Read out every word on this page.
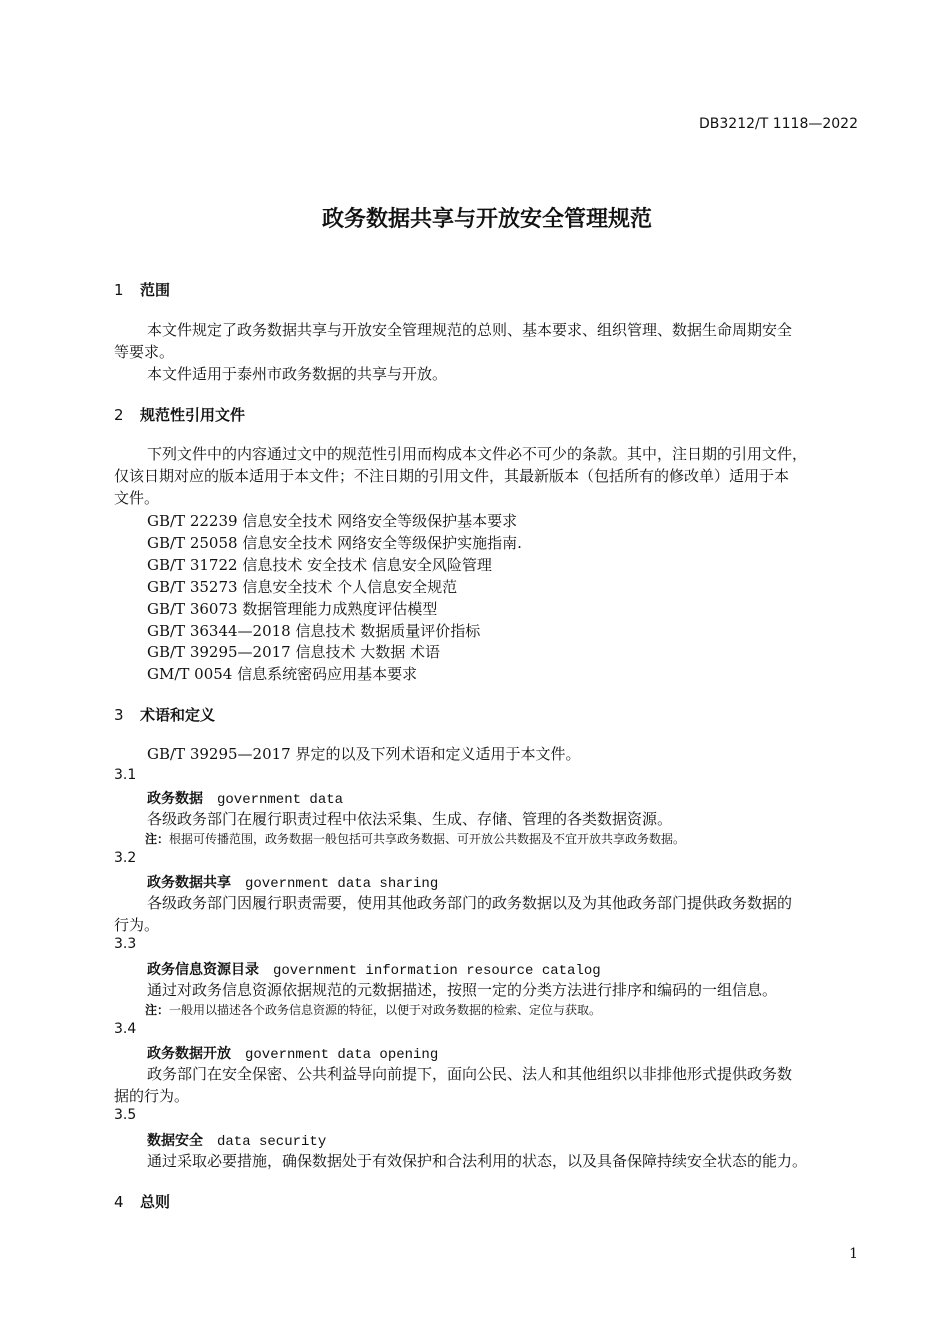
DB3212/T 1118—2022
政务数据共享与开放安全管理规范
1 范围
本文件规定了政务数据共享与开放安全管理规范的总则、基本要求、组织管理、数据生命周期安全
等要求。
本文件适用于泰州市政务数据的共享与开放。
2 规范性引用文件
下列文件中的内容通过文中的规范性引用而构成本文件必不可少的条款。其中，注日期的引用文件，
仅该日期对应的版本适用于本文件；不注日期的引用文件，其最新版本（包括所有的修改单）适用于本
文件。
GB/T 22239 信息安全技术 网络安全等级保护基本要求
GB/T 25058 信息安全技术 网络安全等级保护实施指南.
GB/T 31722 信息技术 安全技术 信息安全风险管理
GB/T 35273 信息安全技术 个人信息安全规范
GB/T 36073 数据管理能力成熟度评估模型
GB/T 36344—2018 信息技术 数据质量评价指标
GB/T 39295—2017 信息技术 大数据 术语
GM/T 0054 信息系统密码应用基本要求
3 术语和定义
GB/T 39295—2017 界定的以及下列术语和定义适用于本文件。
3.1
政务数据 government data
各级政务部门在履行职责过程中依法采集、生成、存储、管理的各类数据资源。
注：根据可传播范围，政务数据一般包括可共享政务数据、可开放公共数据及不宜开放共享政务数据。
3.2
政务数据共享 government data sharing
各级政务部门因履行职责需要，使用其他政务部门的政务数据以及为其他政务部门提供政务数据的
行为。
3.3
政务信息资源目录 government information resource catalog
通过对政务信息资源依据规范的元数据描述，按照一定的分类方法进行排序和编码的一组信息。
注：一般用以描述各个政务信息资源的特征，以便于对政务数据的检索、定位与获取。
3.4
政务数据开放 government data opening
政务部门在安全保密、公共利益导向前提下，面向公民、法人和其他组织以非排他形式提供政务数
据的行为。
3.5
数据安全 data security
通过采取必要措施，确保数据处于有效保护和合法利用的状态，以及具备保障持续安全状态的能力。
4 总则
1
